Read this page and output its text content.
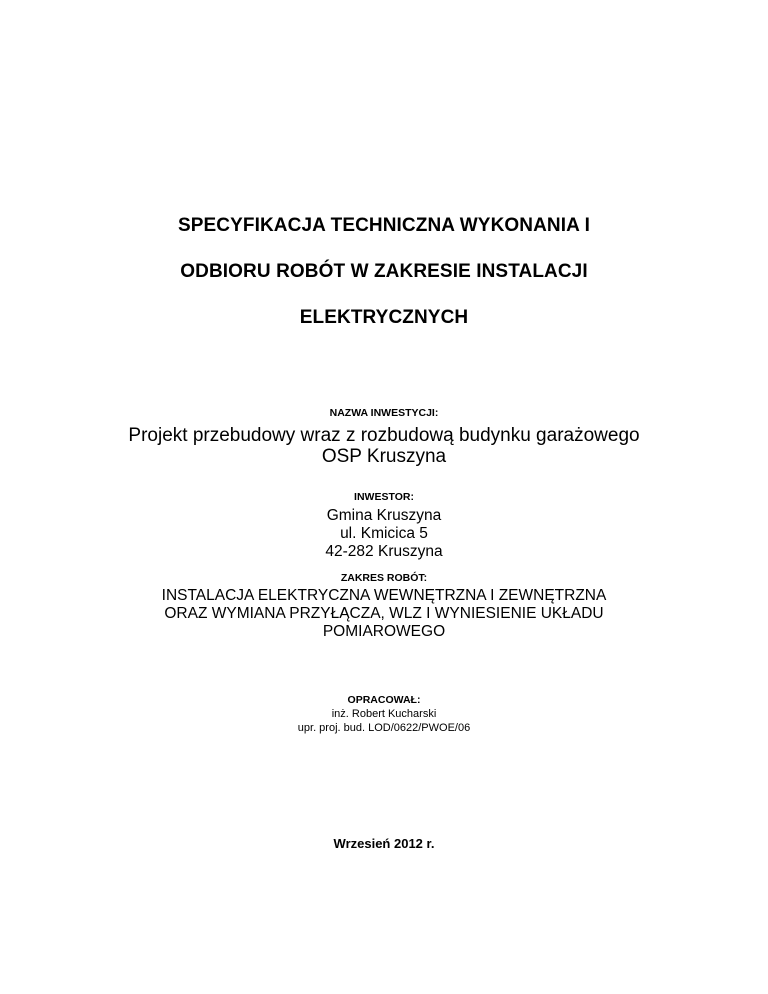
SPECYFIKACJA TECHNICZNA WYKONANIA I
ODBIORU ROBÓT W ZAKRESIE INSTALACJI
ELEKTRYCZNYCH
NAZWA INWESTYCJI:
Projekt przebudowy wraz z rozbudową budynku garażowego
OSP Kruszyna
INWESTOR:
Gmina Kruszyna
ul. Kmicica 5
42-282 Kruszyna
ZAKRES ROBÓT:
INSTALACJA ELEKTRYCZNA WEWNĘTRZNA I ZEWNĘTRZNA
ORAZ WYMIANA PRZYŁĄCZA, WLZ I WYNIESIENIE UKŁADU
POMIAROWEGO
OPRACOWAŁ:
inż. Robert Kucharski
upr. proj. bud. LOD/0622/PWOE/06
Wrzesień 2012 r.
